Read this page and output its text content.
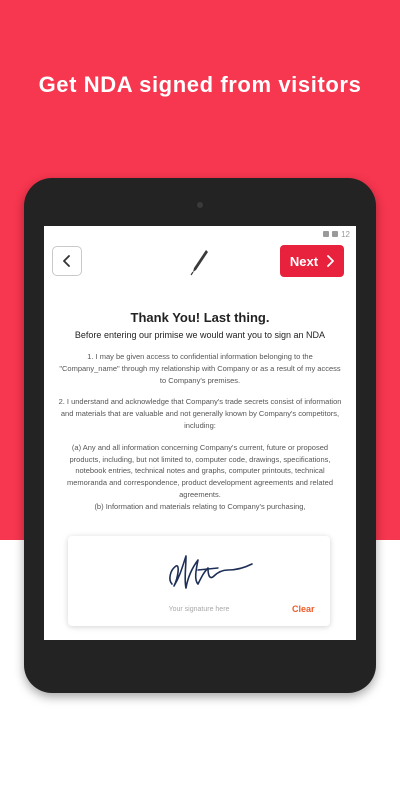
Get NDA signed from visitors
12
Next
Thank You! Last thing.
Before entering our primise we would want you to sign an NDA

1. I may be given access to confidential information belonging to the "Company_name" through my relationship with Company or as a result of my access to Company's premises.

2. I understand and acknowledge that Company's trade secrets consist of information and materials that are valuable and not generally known by Company's competitors, including:

(a) Any and all information concerning Company's current, future or proposed products, including, but not limited to, computer code, drawings, specifications, notebook entries, technical notes and graphs, computer printouts, technical memoranda and correspondence, product development agreements and related agreements.

(b) Information and materials relating to Company's purchasing,

Your signature here	Clear
